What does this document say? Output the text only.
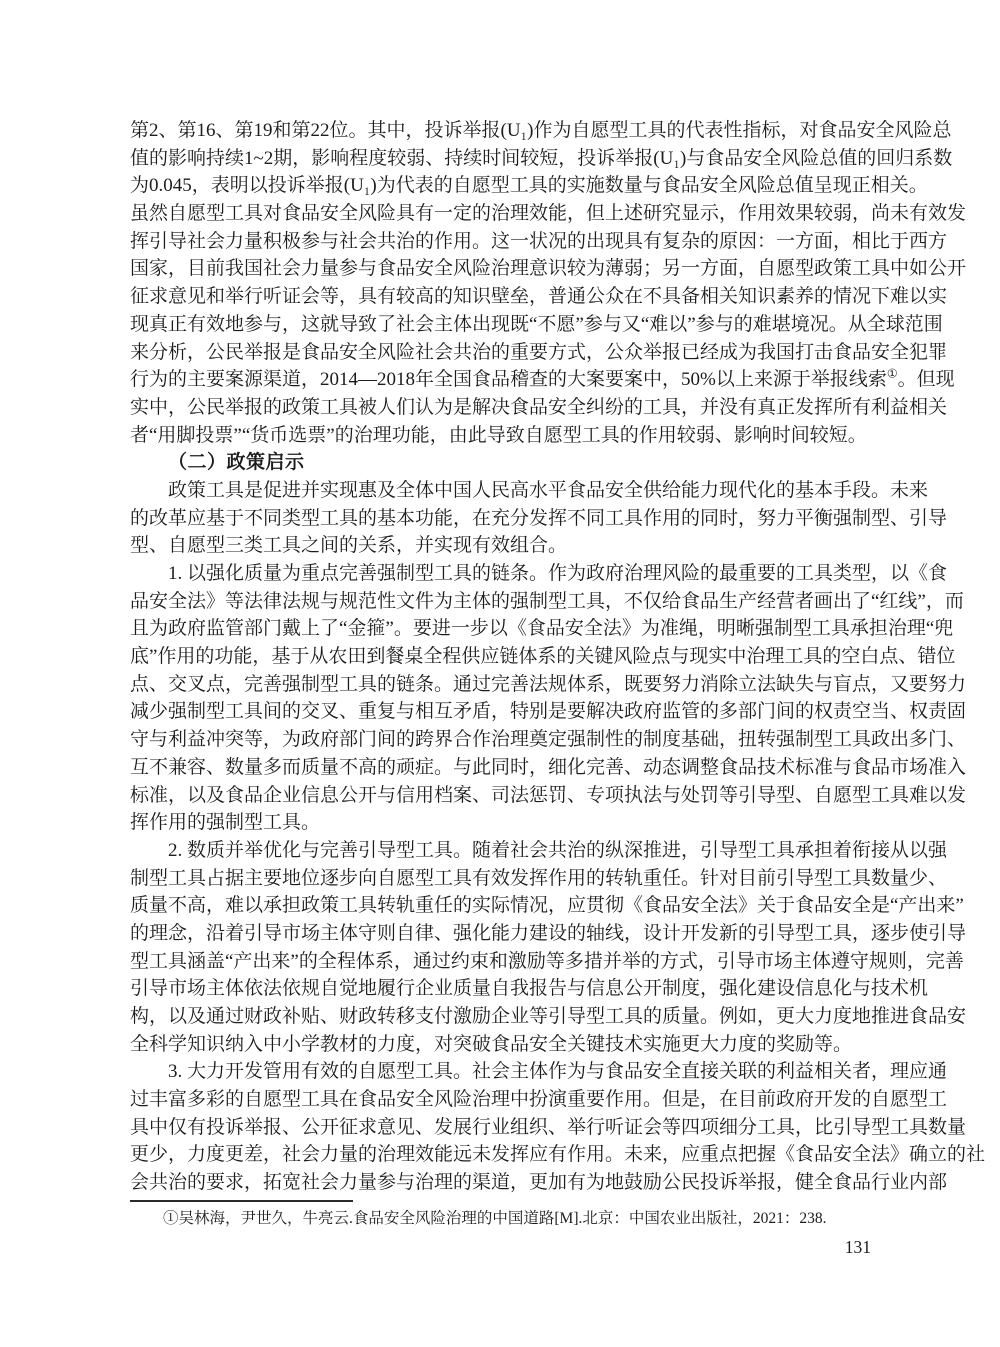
第2、第16、第19和第22位。其中，投诉举报(U₁)作为自愿型工具的代表性指标，对食品安全风险总
值的影响持续1~2期，影响程度较弱、持续时间较短，投诉举报(U₁)与食品安全风险总值的回归系数
为0.045，表明以投诉举报(U₁)为代表的自愿型工具的实施数量与食品安全风险总值呈现正相关。
虽然自愿型工具对食品安全风险具有一定的治理效能，但上述研究显示，作用效果较弱，尚未有效发
挥引导社会力量积极参与社会共治的作用。这一状况的出现具有复杂的原因：一方面，相比于西方
国家，目前我国社会力量参与食品安全风险治理意识较为薄弱；另一方面，自愿型政策工具中如公开
征求意见和举行听证会等，具有较高的知识壁垒，普通公众在不具备相关知识素养的情况下难以实
现真正有效地参与，这就导致了社会主体出现既“不愿”参与又“难以”参与的难堪境况。从全球范围
来分析，公民举报是食品安全风险社会共治的重要方式，公众举报已经成为我国打击食品安全犯罪
行为的主要案源渠道，2014—2018年全国食品稽查的大案要案中，50%以上来源于举报线索①。但现
实中，公民举报的政策工具被人们认为是解决食品安全纠纷的工具，并没有真正发挥所有利益相关
者“用脚投票”“货币选票”的治理功能，由此导致自愿型工具的作用较弱、影响时间较短。
（二）政策启示
政策工具是促进并实现惠及全体中国人民高水平食品安全供给能力现代化的基本手段。未来
的改革应基于不同类型工具的基本功能，在充分发挥不同工具作用的同时，努力平衡强制型、引导
型、自愿型三类工具之间的关系，并实现有效组合。
1. 以强化质量为重点完善强制型工具的链条。作为政府治理风险的最重要的工具类型，以《食
品安全法》等法律法规与规范性文件为主体的强制型工具，不仅给食品生产经营者画出了“红线”，而
且为政府监管部门戴上了“金箍”。要进一步以《食品安全法》为准绳，明晰强制型工具承担治理“兜
底”作用的功能，基于从农田到餐桌全程供应链体系的关键风险点与现实中治理工具的空白点、错位
点、交叉点，完善强制型工具的链条。通过完善法规体系，既要努力消除立法缺失与盲点，又要努力
减少强制型工具间的交叉、重复与相互矛盾，特别是要解决政府监管的多部门间的权责空当、权责固
守与利益冲突等，为政府部门间的跨界合作治理奠定强制性的制度基础，扭转强制型工具政出多门、
互不兼容、数量多而质量不高的顽症。与此同时，细化完善、动态调整食品技术标准与食品市场准入
标准，以及食品企业信息公开与信用档案、司法惩罚、专项执法与处罚等引导型、自愿型工具难以发
挥作用的强制型工具。
2. 数质并举优化与完善引导型工具。随着社会共治的纵深推进，引导型工具承担着衔接从以强
制型工具占据主要地位逐步向自愿型工具有效发挥作用的转轨重任。针对目前引导型工具数量少、
质量不高，难以承担政策工具转轨重任的实际情况，应贯彻《食品安全法》关于食品安全是“产出来”
的理念，沿着引导市场主体守则自律、强化能力建设的轴线，设计开发新的引导型工具，逐步使引导
型工具涵盖“产出来”的全程体系，通过约束和激励等多措并举的方式，引导市场主体遵守规则，完善
引导市场主体依法依规自觉地履行企业质量自我报告与信息公开制度，强化建设信息化与技术机
构，以及通过财政补贴、财政转移支付激励企业等引导型工具的质量。例如，更大力度地推进食品安
全科学知识纳入中小学教材的力度，对突破食品安全关键技术实施更大力度的奖励等。
3. 大力开发管用有效的自愿型工具。社会主体作为与食品安全直接关联的利益相关者，理应通
过丰富多彩的自愿型工具在食品安全风险治理中扮演重要作用。但是，在目前政府开发的自愿型工
具中仅有投诉举报、公开征求意见、发展行业组织、举行听证会等四项细分工具，比引导型工具数量
更少，力度更差，社会力量的治理效能远未发挥应有作用。未来，应重点把握《食品安全法》确立的社
会共治的要求，拓宽社会力量参与治理的渠道，更加有为地鼓励公民投诉举报，健全食品行业内部
①吴林海，尹世久，牛亮云.食品安全风险治理的中国道路[M].北京：中国农业出版社，2021：238.
131
